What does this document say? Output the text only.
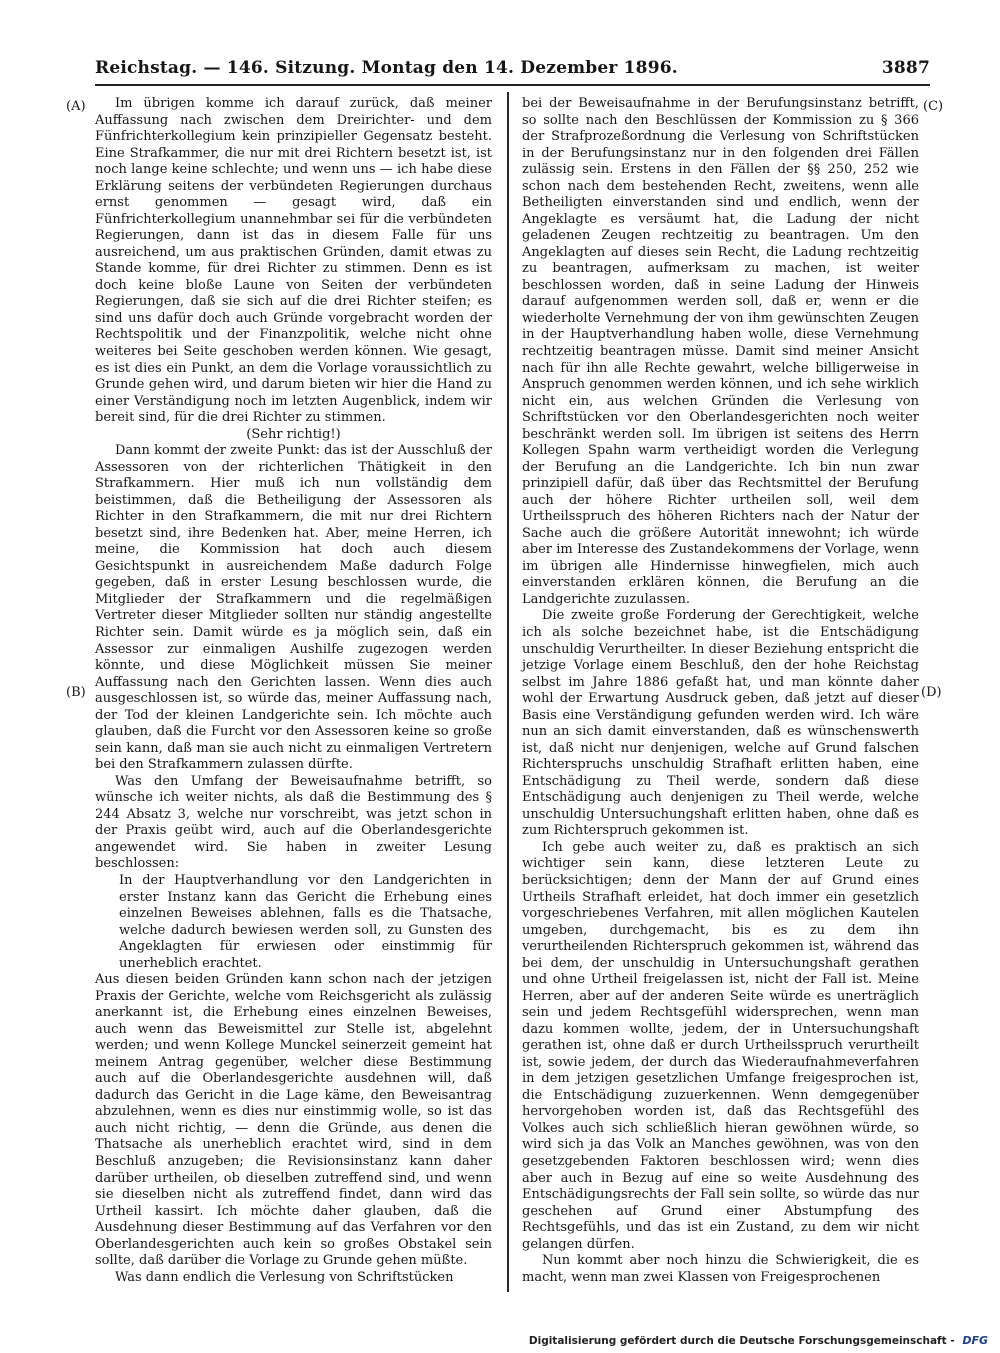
Reichstag. — 146. Sitzung. Montag den 14. Dezember 1896.	3887
(A)
(B)
(C)
(D)

Im übrigen komme ich darauf zurück, daß meiner Auffassung nach zwischen dem Dreirichter- und dem Fünfrichterkollegium kein prinzipieller Gegensatz besteht. Eine Strafkammer, die nur mit drei Richtern besetzt ist, ist noch lange keine schlechte; und wenn uns — ich habe diese Erklärung seitens der verbündeten Regierungen durchaus ernst genommen — gesagt wird, daß ein Fünfrichterkollegium unannehmbar sei für die verbündeten Regierungen, dann ist das in diesem Falle für uns ausreichend, um aus praktischen Gründen, damit etwas zu Stande komme, für drei Richter zu stimmen. Denn es ist doch keine bloße Laune von Seiten der verbündeten Regierungen, daß sie sich auf die drei Richter steifen; es sind uns dafür doch auch Gründe vorgebracht worden der Rechtspolitik und der Finanzpolitik, welche nicht ohne weiteres bei Seite geschoben werden können. Wie gesagt, es ist dies ein Punkt, an dem die Vorlage voraussichtlich zu Grunde gehen wird, und darum bieten wir hier die Hand zu einer Verständigung noch im letzten Augenblick, indem wir bereit sind, für die drei Richter zu stimmen.

(Sehr richtig!)

Dann kommt der zweite Punkt: das ist der Ausschluß der Assessoren von der richterlichen Thätigkeit in den Strafkammern. Hier muß ich nun vollständig dem beistimmen, daß die Betheiligung der Assessoren als Richter in den Strafkammern, die mit nur drei Richtern besetzt sind, ihre Bedenken hat. Aber, meine Herren, ich meine, die Kommission hat doch auch diesem Gesichtspunkt in ausreichendem Maße dadurch Folge gegeben, daß in erster Lesung beschlossen wurde, die Mitglieder der Strafkammern und die regelmäßigen Vertreter dieser Mitglieder sollten nur ständig angestellte Richter sein. Damit würde es ja möglich sein, daß ein Assessor zur einmaligen Aushilfe zugezogen werden könnte, und diese Möglichkeit müssen Sie meiner Auffassung nach den Gerichten lassen. Wenn dies auch ausgeschlossen ist, so würde das, meiner Auffassung nach, der Tod der kleinen Landgerichte sein. Ich möchte auch glauben, daß die Furcht vor den Assessoren keine so große sein kann, daß man sie auch nicht zu einmaligen Vertretern bei den Strafkammern zulassen dürfte.

Was den Umfang der Beweisaufnahme betrifft, so wünsche ich weiter nichts, als daß die Bestimmung des § 244 Absatz 3, welche nur vorschreibt, was jetzt schon in der Praxis geübt wird, auch auf die Oberlandesgerichte angewendet wird. Sie haben in zweiter Lesung beschlossen:

In der Hauptverhandlung vor den Landgerichten in erster Instanz kann das Gericht die Erhebung eines einzelnen Beweises ablehnen, falls es die Thatsache, welche dadurch bewiesen werden soll, zu Gunsten des Angeklagten für erwiesen oder einstimmig für unerheblich erachtet.

Aus diesen beiden Gründen kann schon nach der jetzigen Praxis der Gerichte, welche vom Reichsgericht als zulässig anerkannt ist, die Erhebung eines einzelnen Beweises, auch wenn das Beweismittel zur Stelle ist, abgelehnt werden; und wenn Kollege Munckel seinerzeit gemeint hat meinem Antrag gegenüber, welcher diese Bestimmung auch auf die Oberlandesgerichte ausdehnen will, daß dadurch das Gericht in die Lage käme, den Beweisantrag abzulehnen, wenn es dies nur einstimmig wolle, so ist das auch nicht richtig, — denn die Gründe, aus denen die Thatsache als unerheblich erachtet wird, sind in dem Beschluß anzugeben; die Revisionsinstanz kann daher darüber urtheilen, ob dieselben zutreffend sind, und wenn sie dieselben nicht als zutreffend findet, dann wird das Urtheil kassirt. Ich möchte daher glauben, daß die Ausdehnung dieser Bestimmung auf das Verfahren vor den Oberlandesgerichten auch kein so großes Obstakel sein sollte, daß darüber die Vorlage zu Grunde gehen müßte.

Was dann endlich die Verlesung von Schriftstücken

bei der Beweisaufnahme in der Berufungsinstanz betrifft, so sollte nach den Beschlüssen der Kommission zu § 366 der Strafprozeßordnung die Verlesung von Schriftstücken in der Berufungsinstanz nur in den folgenden drei Fällen zulässig sein. Erstens in den Fällen der §§ 250, 252 wie schon nach dem bestehenden Recht, zweitens, wenn alle Betheiligten einverstanden sind und endlich, wenn der Angeklagte es versäumt hat, die Ladung der nicht geladenen Zeugen rechtzeitig zu beantragen. Um den Angeklagten auf dieses sein Recht, die Ladung rechtzeitig zu beantragen, aufmerksam zu machen, ist weiter beschlossen worden, daß in seine Ladung der Hinweis darauf aufgenommen werden soll, daß er, wenn er die wiederholte Vernehmung der von ihm gewünschten Zeugen in der Hauptverhandlung haben wolle, diese Vernehmung rechtzeitig beantragen müsse. Damit sind meiner Ansicht nach für ihn alle Rechte gewahrt, welche billigerweise in Anspruch genommen werden können, und ich sehe wirklich nicht ein, aus welchen Gründen die Verlesung von Schriftstücken vor den Oberlandesgerichten noch weiter beschränkt werden soll. Im übrigen ist seitens des Herrn Kollegen Spahn warm vertheidigt worden die Verlegung der Berufung an die Landgerichte. Ich bin nun zwar prinzipiell dafür, daß über das Rechtsmittel der Berufung auch der höhere Richter urtheilen soll, weil dem Urtheilsspruch des höheren Richters nach der Natur der Sache auch die größere Autorität innewohnt; ich würde aber im Interesse des Zustandekommens der Vorlage, wenn im übrigen alle Hindernisse hinwegfielen, mich auch einverstanden erklären können, die Berufung an die Landgerichte zuzulassen.

Die zweite große Forderung der Gerechtigkeit, welche ich als solche bezeichnet habe, ist die Entschädigung unschuldig Verurtheilter. In dieser Beziehung entspricht die jetzige Vorlage einem Beschluß, den der hohe Reichstag selbst im Jahre 1886 gefaßt hat, und man könnte daher wohl der Erwartung Ausdruck geben, daß jetzt auf dieser Basis eine Verständigung gefunden werden wird. Ich wäre nun an sich damit einverstanden, daß es wünschenswerth ist, daß nicht nur denjenigen, welche auf Grund falschen Richterspruchs unschuldig Strafhaft erlitten haben, eine Entschädigung zu Theil werde, sondern daß diese Entschädigung auch denjenigen zu Theil werde, welche unschuldig Untersuchungshaft erlitten haben, ohne daß es zum Richterspruch gekommen ist.

Ich gebe auch weiter zu, daß es praktisch an sich wichtiger sein kann, diese letzteren Leute zu berücksichtigen; denn der Mann der auf Grund eines Urtheils Strafhaft erleidet, hat doch immer ein gesetzlich vorgeschriebenes Verfahren, mit allen möglichen Kautelen umgeben, durchgemacht, bis es zu dem ihn verurtheilenden Richterspruch gekommen ist, während das bei dem, der unschuldig in Untersuchungshaft gerathen und ohne Urtheil freigelassen ist, nicht der Fall ist. Meine Herren, aber auf der anderen Seite würde es unerträglich sein und jedem Rechtsgefühl widersprechen, wenn man dazu kommen wollte, jedem, der in Untersuchungshaft gerathen ist, ohne daß er durch Urtheilsspruch verurtheilt ist, sowie jedem, der durch das Wiederaufnahmeverfahren in dem jetzigen gesetzlichen Umfange freigesprochen ist, die Entschädigung zuzuerkennen. Wenn demgegenüber hervorgehoben worden ist, daß das Rechtsgefühl des Volkes auch sich schließlich hieran gewöhnen würde, so wird sich ja das Volk an Manches gewöhnen, was von den gesetzgebenden Faktoren beschlossen wird; wenn dies aber auch in Bezug auf eine so weite Ausdehnung des Entschädigungsrechts der Fall sein sollte, so würde das nur geschehen auf Grund einer Abstumpfung des Rechtsgefühls, und das ist ein Zustand, zu dem wir nicht gelangen dürfen.

Nun kommt aber noch hinzu die Schwierigkeit, die es macht, wenn man zwei Klassen von Freigesprochenen

Digitalisierung gefördert durch die Deutsche Forschungsgemeinschaft - DFG
